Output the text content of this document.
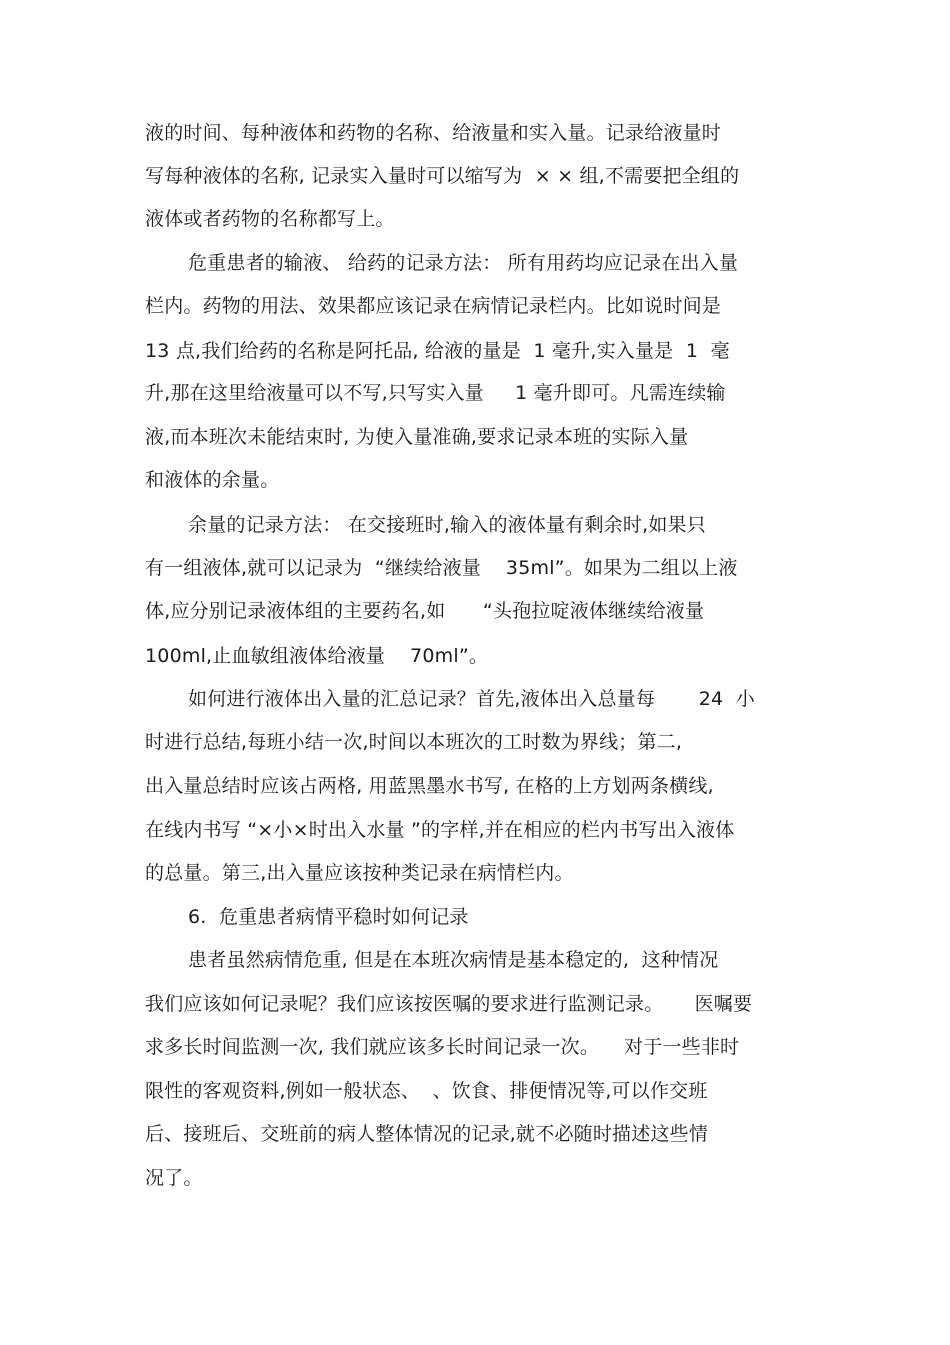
液的时间、每种液体和药物的名称、给液量和实入量。记录给液量时
写每种液体的名称, 记录实入量时可以缩写为  × × 组,不需要把全组的
液体或者药物的名称都写上。
危重患者的输液、 给药的记录方法： 所有用药均应记录在出入量
栏内。药物的用法、效果都应该记录在病情记录栏内。比如说时间是
13 点,我们给药的名称是阿托品, 给液的量是  1 毫升,实入量是  1  毫
升,那在这里给液量可以不写,只写实入量     1 毫升即可。凡需连续输
液,而本班次未能结束时, 为使入量准确,要求记录本班的实际入量
和液体的余量。
余量的记录方法： 在交接班时,输入的液体量有剩余时,如果只
有一组液体,就可以记录为  “继续给液量    35ml”。如果为二组以上液
体,应分别记录液体组的主要药名,如      “头孢拉啶液体继续给液量
100ml,止血敏组液体给液量    70ml”。
如何进行液体出入量的汇总记录？首先,液体出入总量每       24  小
时进行总结,每班小结一次,时间以本班次的工时数为界线；第二,
出入量总结时应该占两格, 用蓝黑墨水书写, 在格的上方划两条横线,
在线内书写 “×小×时出入水量 ”的字样,并在相应的栏内书写出入液体
的总量。第三,出入量应该按种类记录在病情栏内。
6.  危重患者病情平稳时如何记录
患者虽然病情危重, 但是在本班次病情是基本稳定的,  这种情况
我们应该如何记录呢？我们应该按医嘱的要求进行监测记录。     医嘱要
求多长时间监测一次, 我们就应该多长时间记录一次。    对于一些非时
限性的客观资料,例如一般状态、  、饮食、排便情况等,可以作交班
后、接班后、交班前的病人整体情况的记录,就不必随时描述这些情
况了。
